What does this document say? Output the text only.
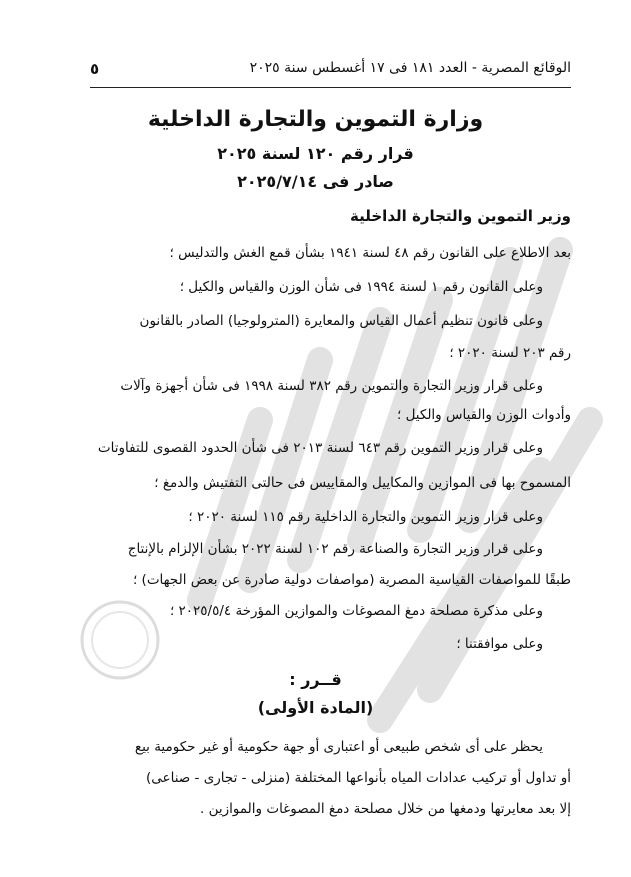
الوقائع المصرية - العدد ١٨١ فى ١٧ أغسطس سنة ٢٠٢٥
٥
وزارة التموين والتجارة الداخلية
قرار رقم ١٢٠ لسنة ٢٠٢٥
صادر فى ٢٠٢٥/٧/١٤
وزير التموين والتجارة الداخلية
بعد الاطلاع على القانون رقم ٤٨ لسنة ١٩٤١ بشأن قمع الغش والتدليس ؛
وعلى القانون رقم ١ لسنة ١٩٩٤ فى شأن الوزن والقياس والكيل ؛
وعلى قانون تنظيم أعمال القياس والمعايرة (المترولوجيا) الصادر بالقانون
رقم ٢٠٣ لسنة ٢٠٢٠ ؛
وعلى قرار وزير التجارة والتموين رقم ٣٨٢ لسنة ١٩٩٨ فى شأن أجهزة وآلات
وأدوات الوزن والقياس والكيل ؛
وعلى قرار وزير التموين رقم ٦٤٣ لسنة ٢٠١٣ فى شأن الحدود القصوى للتفاوتات
المسموح بها فى الموازين والمكاييل والمقاييس فى حالتى التفتيش والدمغ ؛
وعلى قرار وزير التموين والتجارة الداخلية رقم ١١٥ لسنة ٢٠٢٠ ؛
وعلى قرار وزير التجارة والصناعة رقم ١٠٢ لسنة ٢٠٢٢ بشأن الإلزام بالإنتاج
طبقًا للمواصفات القياسية المصرية (مواصفات دولية صادرة عن بعض الجهات) ؛
وعلى مذكرة مصلحة دمغ المصوغات والموازين المؤرخة ٢٠٢٥/٥/٤ ؛
وعلى موافقتنا ؛
قــرر :
(المادة الأولى)
يحظر على أى شخص طبيعى أو اعتبارى أو جهة حكومية أو غير حكومية بيع
أو تداول أو تركيب عدادات المياه بأنواعها المختلفة (منزلى - تجارى - صناعى)
إلا بعد معايرتها ودمغها من خلال مصلحة دمغ المصوغات والموازين .
